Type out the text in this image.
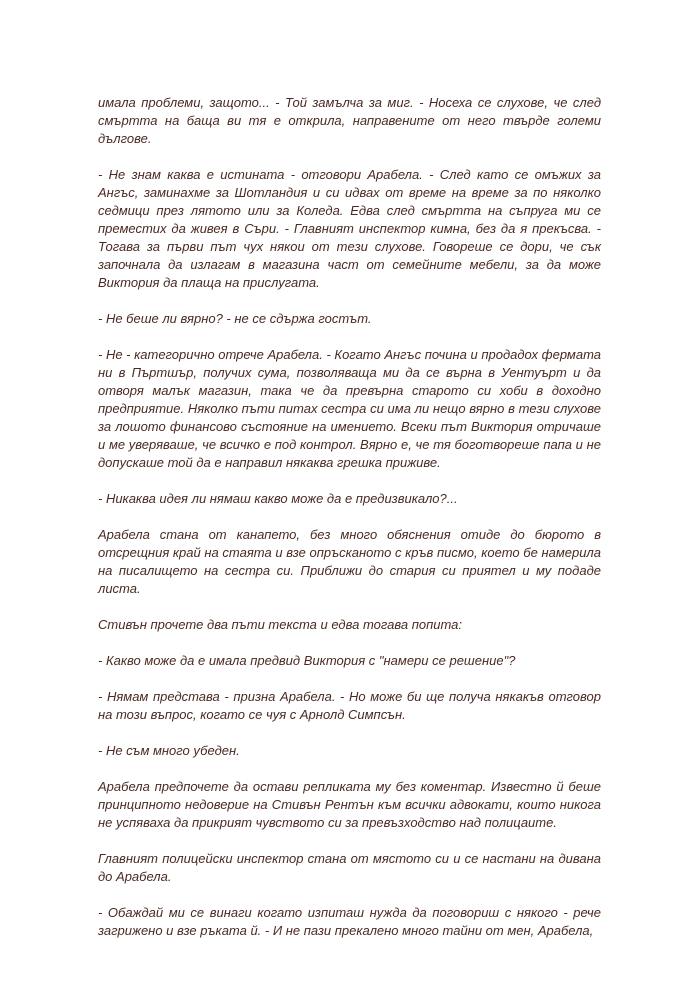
имала проблеми, защото... - Той замълча за миг. - Носеха се слухове, че след смъртта на баща ви тя е открила, направените от него твърде големи дългове.

- Не знам каква е истината - отговори Арабела. - След като се омъжих за Ангъс, заминахме за Шотландия и си идвах от време на време за по няколко седмици през лятото или за Коледа. Едва след смъртта на съпруга ми се преместих да живея в Съри. - Главният инспектор кимна, без да я прекъсва. - Тогава за първи път чух някои от тези слухове. Говореше се дори, че сък започнала да излагам в магазина част от семейните мебели, за да може Виктория да плаща на прислугата.

- Не беше ли вярно? - не се сдържа гостът.

- Не - категорично отрече Арабела. - Когато Ангъс почина и продадох фермата ни в Пъртшър, получих сума, позволяваща ми да се върна в Уентуърт и да отворя малък магазин, така че да превърна старото си хоби в доходно предприятие. Няколко пъти питах сестра си има ли нещо вярно в тези слухове за лошото финансово състояние на имението. Всеки път Виктория отричаше и ме уверяваше, че всичко е под контрол. Вярно е, че тя боготвореше папа и не допускаше той да е направил някаква грешка приживе.

- Никаква идея ли нямаш какво може да е предизвикало?...

Арабела стана от канапето, без много обяснения отиде до бюрото в отсрещния край на стаята и взе опръсканото с кръв писмо, което бе намерила на писалището на сестра си. Приближи до стария си приятел и му подаде листа.

Стивън прочете два пъти текста и едва тогава попита:

- Какво може да е имала предвид Виктория с "намери се решение"?

- Нямам представа - призна Арабела. - Но може би ще получа някакъв отговор на този въпрос, когато се чуя с Арнолд Симпсън.

- Не съм много убеден.

Арабела предпочете да остави репликата му без коментар. Известно й беше принципното недоверие на Стивън Рентън към всички адвокати, които никога не успяваха да прикрият чувството си за превъзходство над полицаите.

Главният полицейски инспектор стана от мястото си и се настани на дивана до Арабела.

- Обаждай ми се винаги когато изпиташ нужда да поговориш с някого - рече загрижено и взе ръката й. - И не пази прекалено много тайни от мен, Арабела,
